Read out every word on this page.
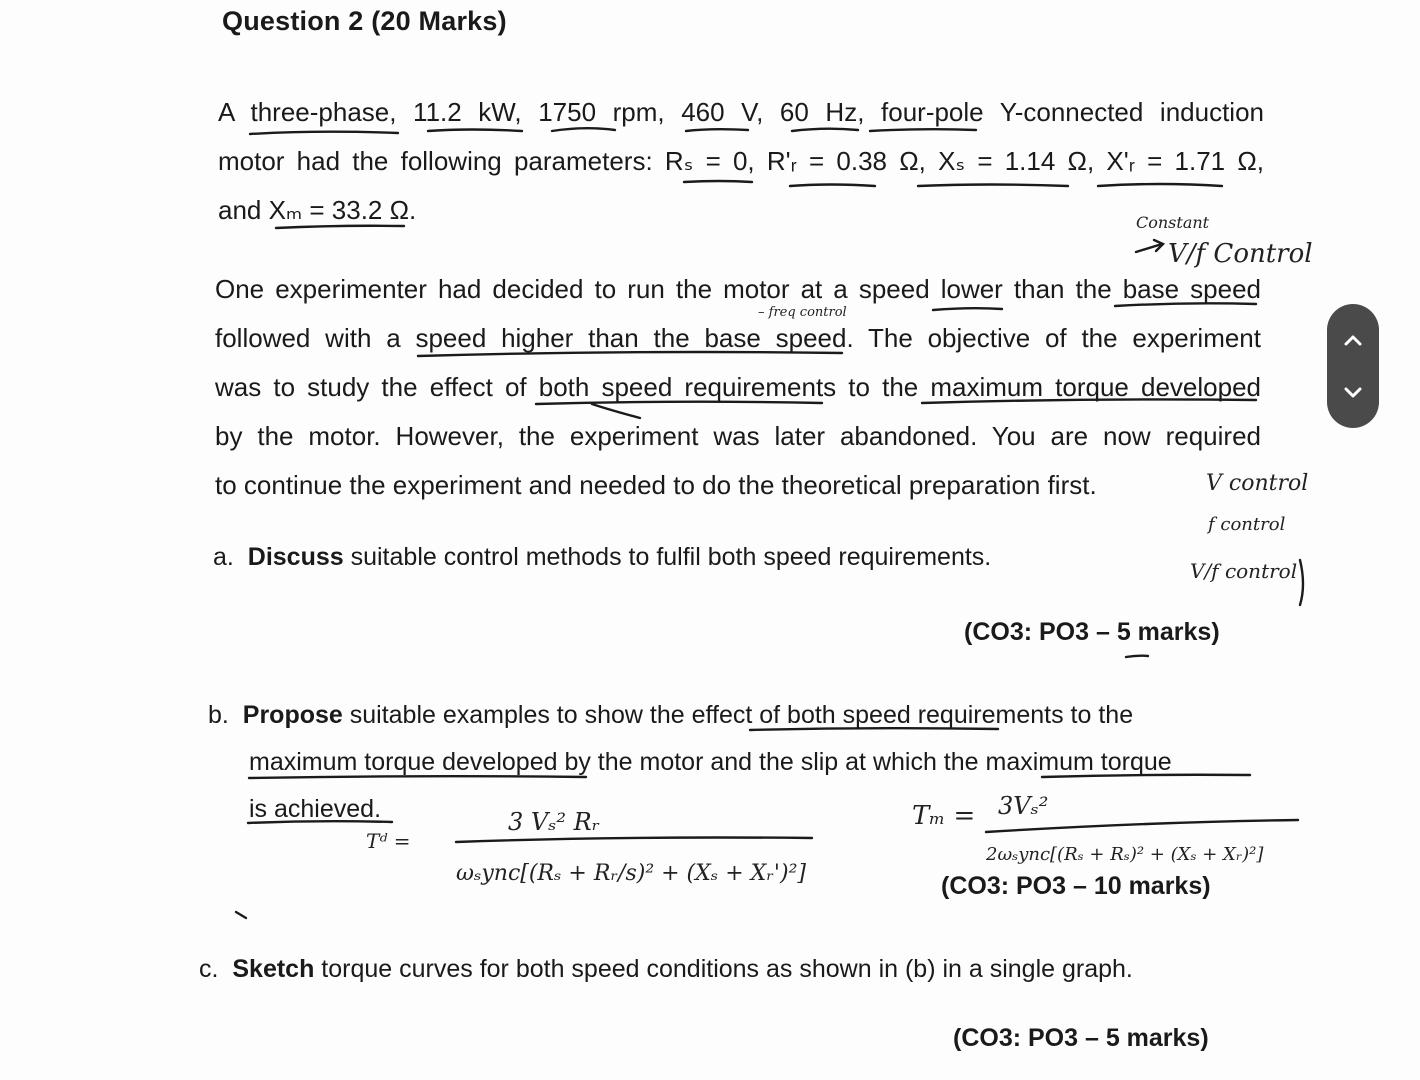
Question 2 (20 Marks)
A three-phase, 11.2 kW, 1750 rpm, 460 V, 60 Hz, four-pole Y-connected induction
motor had the following parameters: Rₛ = 0, R'ᵣ = 0.38 Ω, Xₛ = 1.14 Ω, X'ᵣ = 1.71 Ω,
and Xₘ = 33.2 Ω.
One experimenter had decided to run the motor at a speed lower than the base speed
followed with a speed higher than the base speed. The objective of the experiment
was to study the effect of both speed requirements to the maximum torque developed
by the motor. However, the experiment was later abandoned. You are now required
to continue the experiment and needed to do the theoretical preparation first.
a. Discuss suitable control methods to fulfil both speed requirements.
(CO3: PO3 – 5 marks)
b. Propose suitable examples to show the effect of both speed requirements to the
maximum torque developed by the motor and the slip at which the maximum torque
is achieved.
(CO3: PO3 – 10 marks)
c. Sketch torque curves for both speed conditions as shown in (b) in a single graph.
(CO3: PO3 – 5 marks)
Constant
V/f Control
– freq control
V control
f control
V/f control
Tᵈ =
3 Vₛ² Rᵣ
ωₛync[(Rₛ + Rᵣ/s)² + (Xₛ + Xᵣ')²]
Tₘ = 3Vₛ²
2ωₛync[(Rₛ + Rₛ)² + (Xₛ + Xᵣ)²]
